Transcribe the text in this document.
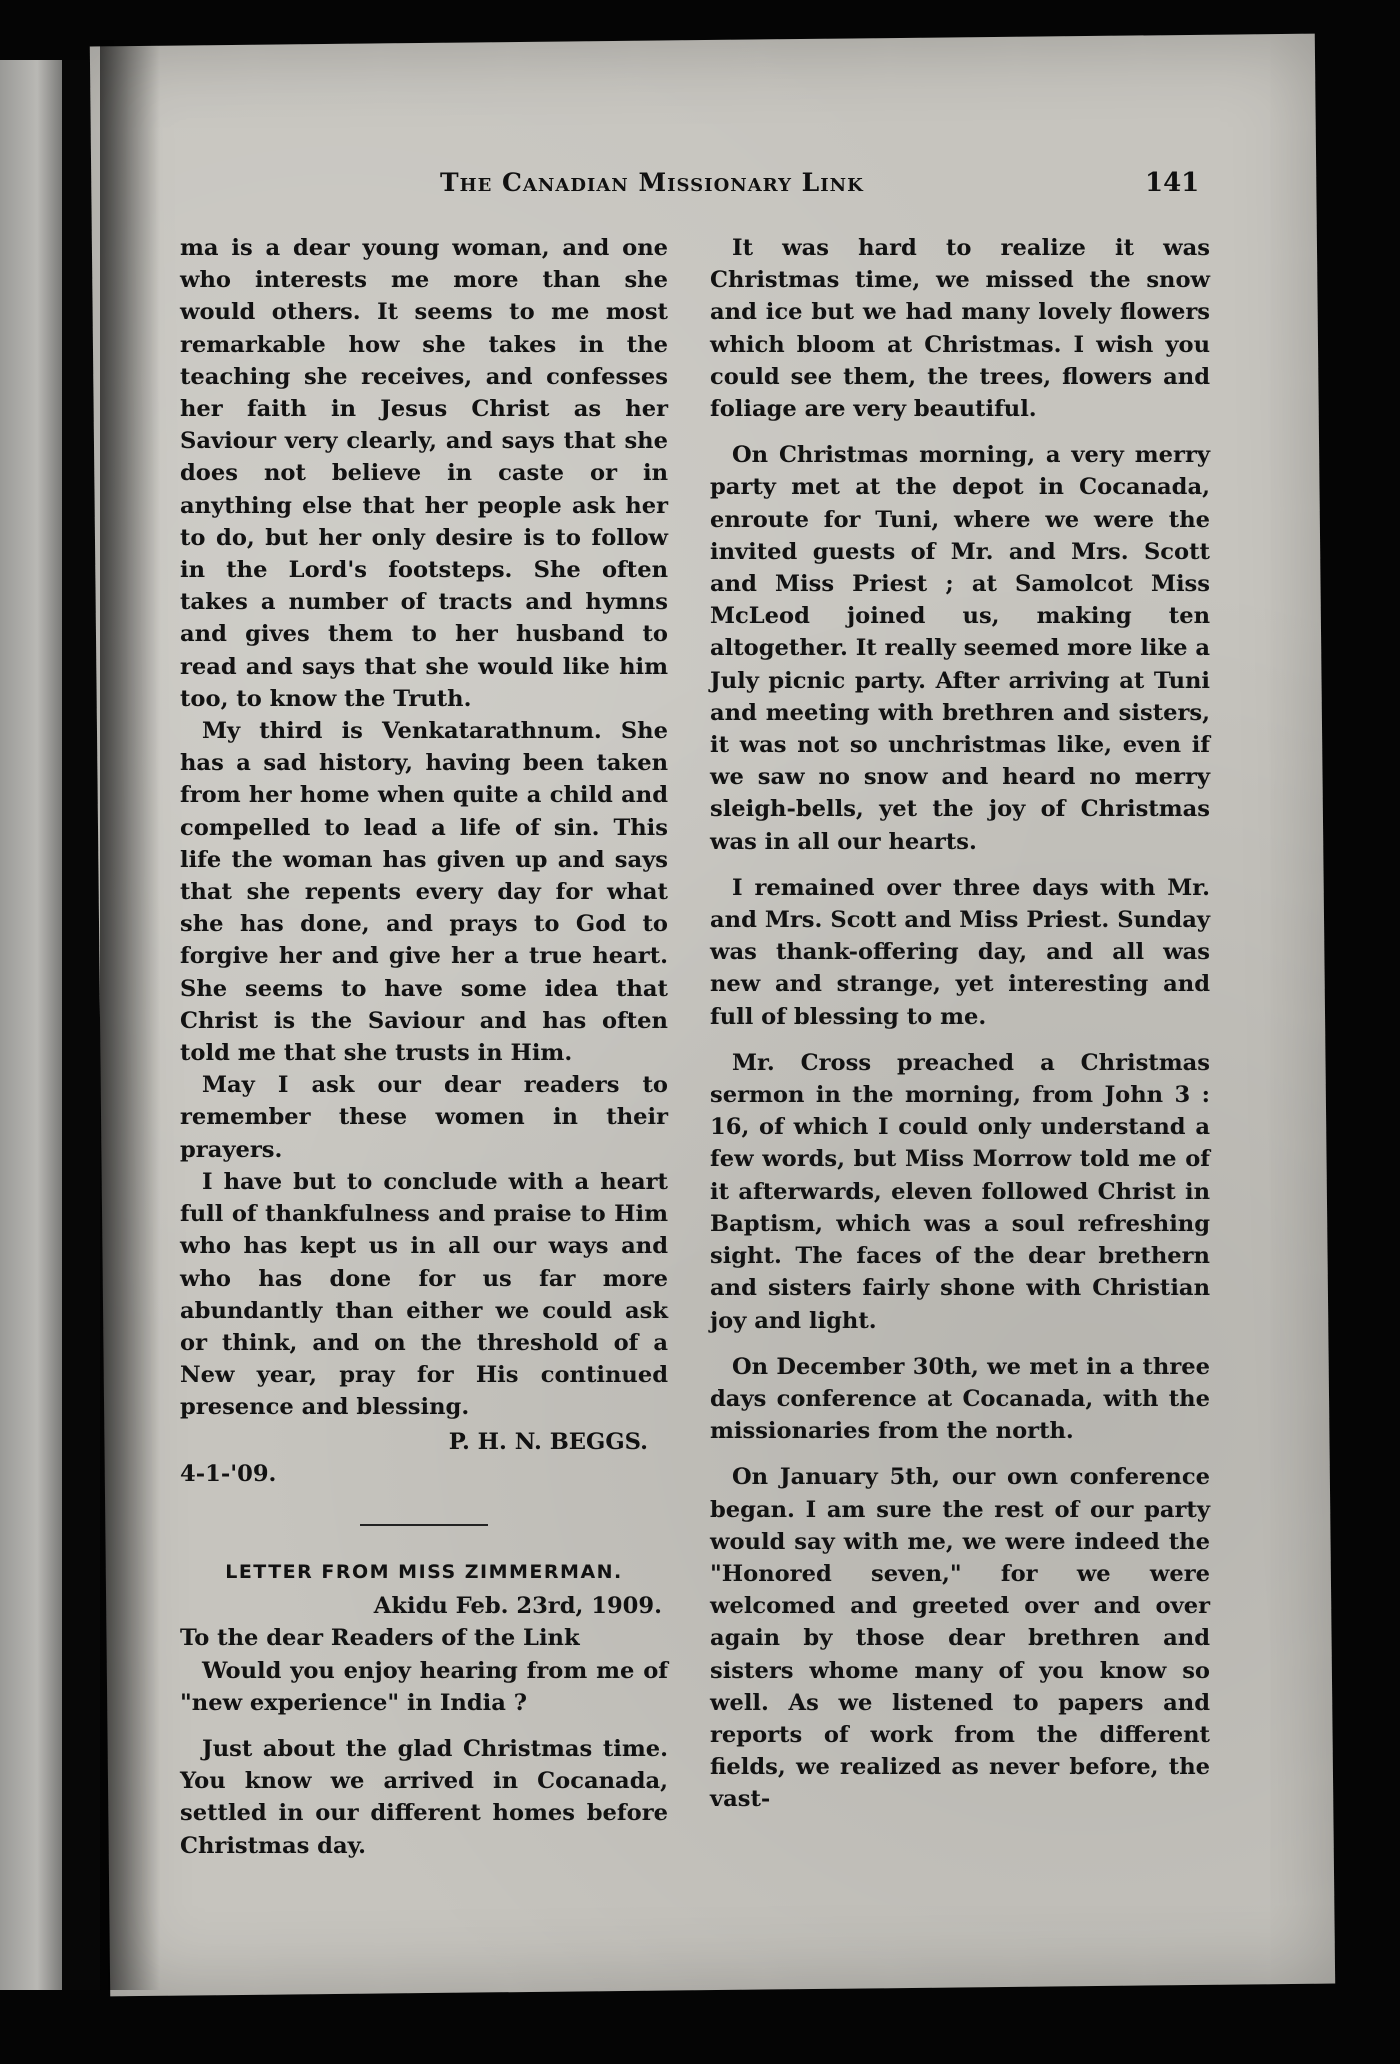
The Canadian Missionary Link	141

ma is a dear young woman, and one who interests me more than she would others. It seems to me most remarkable how she takes in the teaching she receives, and confesses her faith in Jesus Christ as her Saviour very clearly, and says that she does not believe in caste or in anything else that her people ask her to do, but her only desire is to follow in the Lord's footsteps. She often takes a number of tracts and hymns and gives them to her husband to read and says that she would like him too, to know the Truth.

My third is Venkatarathnum. She has a sad history, having been taken from her home when quite a child and compelled to lead a life of sin. This life the woman has given up and says that she repents every day for what she has done, and prays to God to forgive her and give her a true heart. She seems to have some idea that Christ is the Saviour and has often told me that she trusts in Him.

May I ask our dear readers to remember these women in their prayers.

I have but to conclude with a heart full of thankfulness and praise to Him who has kept us in all our ways and who has done for us far more abundantly than either we could ask or think, and on the threshold of a New year, pray for His continued presence and blessing.

P. H. N. BEGGS.
4-1-'09.
LETTER FROM MISS ZIMMERMAN.
Akidu Feb. 23rd, 1909.

To the dear Readers of the Link

Would you enjoy hearing from me of "new experience" in India ?

Just about the glad Christmas time. You know we arrived in Cocanada, settled in our different homes before Christmas day.

It was hard to realize it was Christmas time, we missed the snow and ice but we had many lovely flowers which bloom at Christmas. I wish you could see them, the trees, flowers and foliage are very beautiful.

On Christmas morning, a very merry party met at the depot in Cocanada, enroute for Tuni, where we were the invited guests of Mr. and Mrs. Scott and Miss Priest ; at Samolcot Miss McLeod joined us, making ten altogether. It really seemed more like a July picnic party. After arriving at Tuni and meeting with brethren and sisters, it was not so unchristmas like, even if we saw no snow and heard no merry sleigh-bells, yet the joy of Christmas was in all our hearts.

I remained over three days with Mr. and Mrs. Scott and Miss Priest. Sunday was thank-offering day, and all was new and strange, yet interesting and full of blessing to me.

Mr. Cross preached a Christmas sermon in the morning, from John 3 : 16, of which I could only understand a few words, but Miss Morrow told me of it afterwards, eleven followed Christ in Baptism, which was a soul refreshing sight. The faces of the dear brethern and sisters fairly shone with Christian joy and light.

On December 30th, we met in a three days conference at Cocanada, with the missionaries from the north.

On January 5th, our own conference began. I am sure the rest of our party would say with me, we were indeed the "Honored seven," for we were welcomed and greeted over and over again by those dear brethren and sisters whome many of you know so well. As we listened to papers and reports of work from the different fields, we realized as never before, the vast-
